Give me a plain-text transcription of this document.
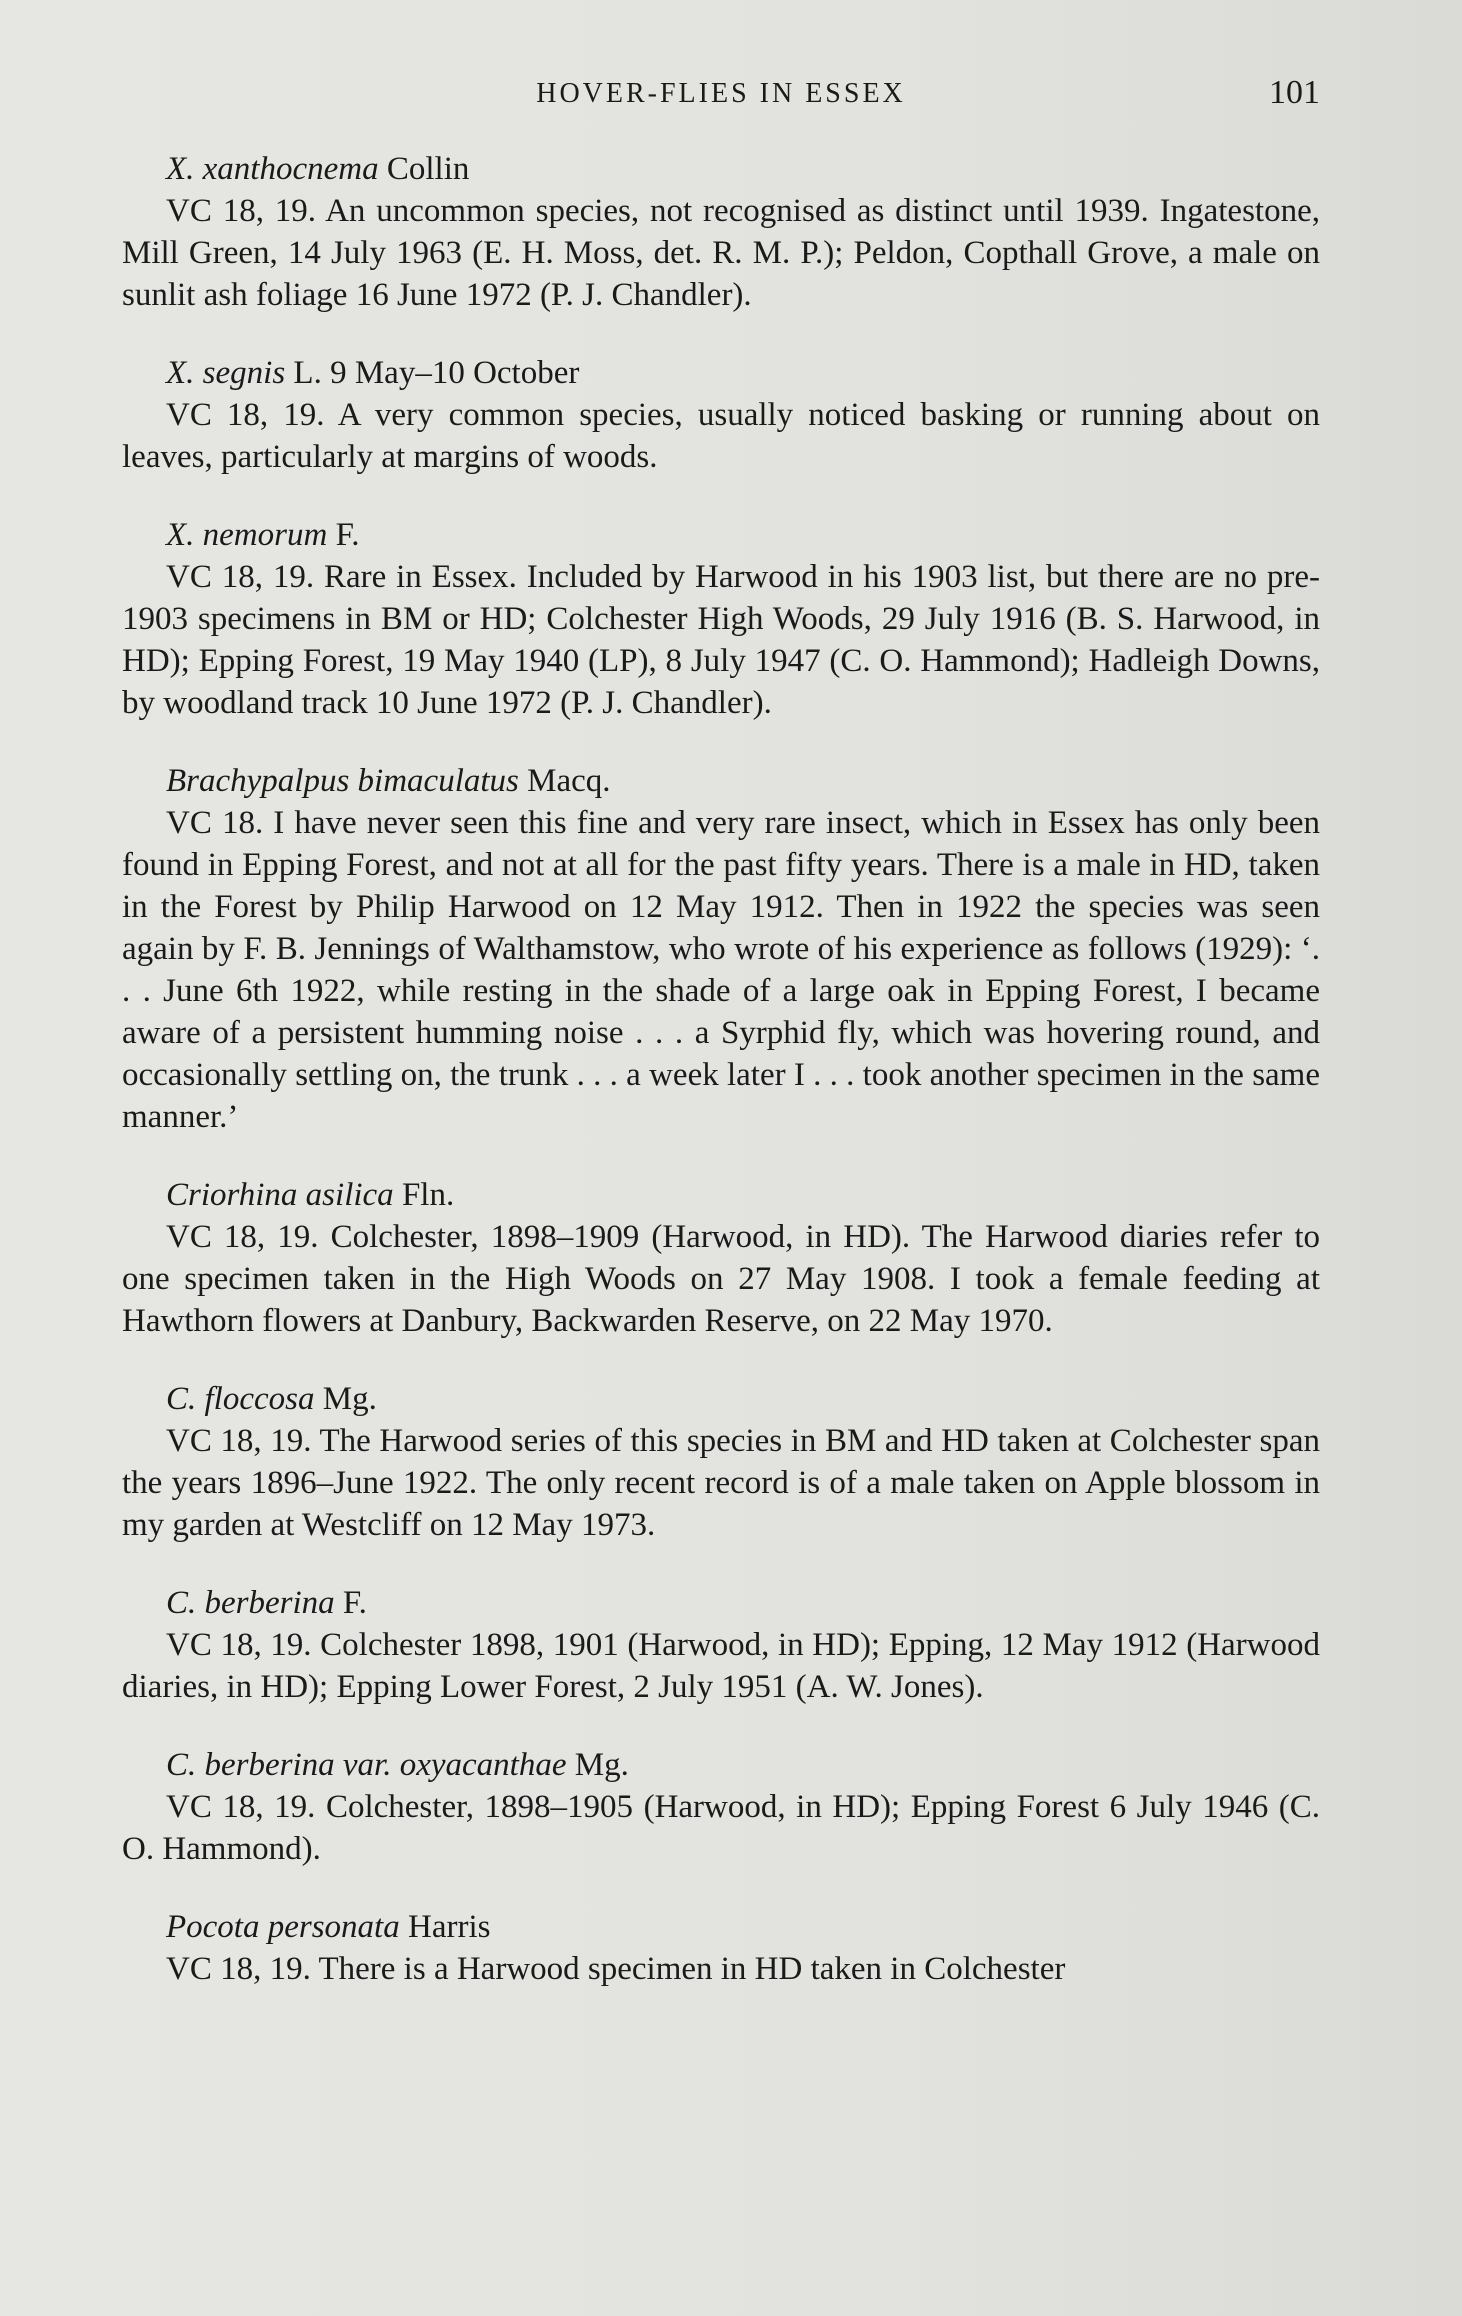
HOVER-FLIES IN ESSEX	101

X. xanthocnema Collin

VC 18, 19. An uncommon species, not recognised as distinct until 1939. Ingatestone, Mill Green, 14 July 1963 (E. H. Moss, det. R. M. P.); Peldon, Copthall Grove, a male on sunlit ash foliage 16 June 1972 (P. J. Chandler).

X. segnis L. 9 May–10 October

VC 18, 19. A very common species, usually noticed basking or running about on leaves, particularly at margins of woods.

X. nemorum F.

VC 18, 19. Rare in Essex. Included by Harwood in his 1903 list, but there are no pre-1903 specimens in BM or HD; Colchester High Woods, 29 July 1916 (B. S. Harwood, in HD); Epping Forest, 19 May 1940 (LP), 8 July 1947 (C. O. Hammond); Hadleigh Downs, by woodland track 10 June 1972 (P. J. Chandler).

Brachypalpus bimaculatus Macq.

VC 18. I have never seen this fine and very rare insect, which in Essex has only been found in Epping Forest, and not at all for the past fifty years. There is a male in HD, taken in the Forest by Philip Harwood on 12 May 1912. Then in 1922 the species was seen again by F. B. Jennings of Walthamstow, who wrote of his experience as follows (1929): ‘. . . June 6th 1922, while resting in the shade of a large oak in Epping Forest, I became aware of a persistent humming noise . . . a Syrphid fly, which was hovering round, and occasionally settling on, the trunk . . . a week later I . . . took another specimen in the same manner.’

Criorhina asilica Fln.

VC 18, 19. Colchester, 1898–1909 (Harwood, in HD). The Harwood diaries refer to one specimen taken in the High Woods on 27 May 1908. I took a female feeding at Hawthorn flowers at Danbury, Backwarden Reserve, on 22 May 1970.

C. floccosa Mg.

VC 18, 19. The Harwood series of this species in BM and HD taken at Colchester span the years 1896–June 1922. The only recent record is of a male taken on Apple blossom in my garden at Westcliff on 12 May 1973.

C. berberina F.

VC 18, 19. Colchester 1898, 1901 (Harwood, in HD); Epping, 12 May 1912 (Harwood diaries, in HD); Epping Lower Forest, 2 July 1951 (A. W. Jones).

C. berberina var. oxyacanthae Mg.

VC 18, 19. Colchester, 1898–1905 (Harwood, in HD); Epping Forest 6 July 1946 (C. O. Hammond).

Pocota personata Harris

VC 18, 19. There is a Harwood specimen in HD taken in Colchester
